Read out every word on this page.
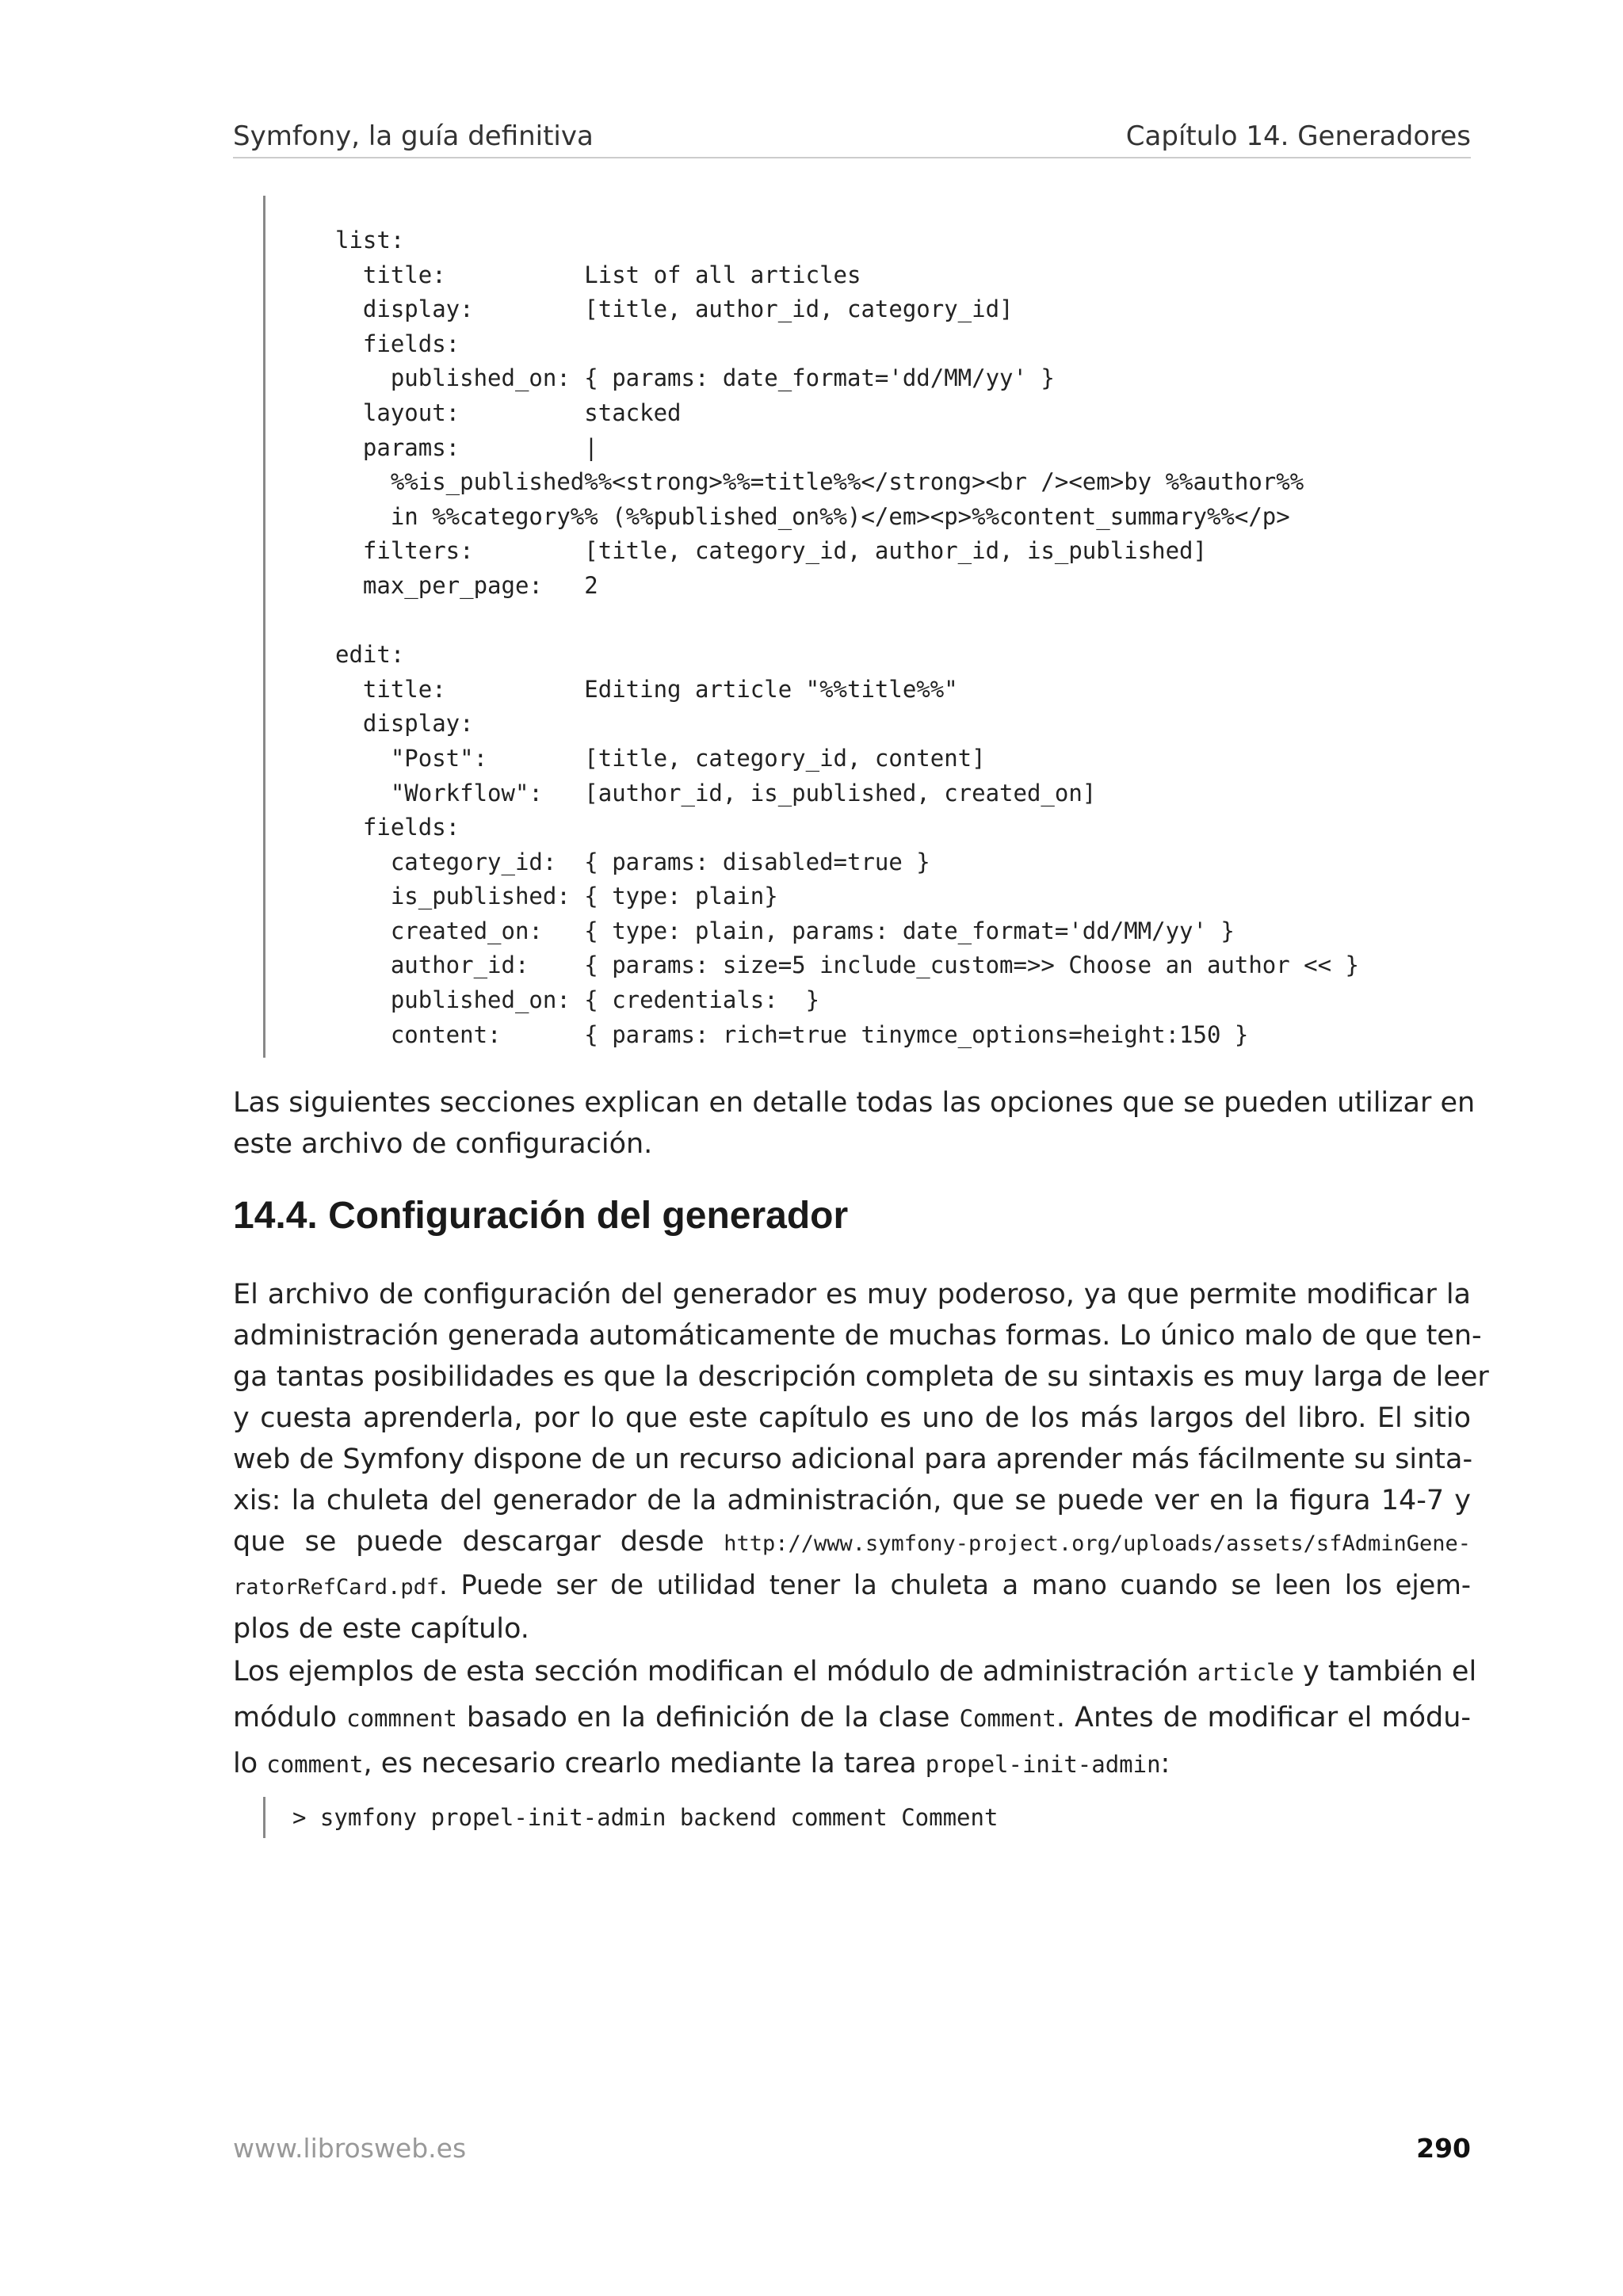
Symfony, la guía definitiva	Capítulo 14. Generadores
list:
title:          List of all articles
display:        [title, author_id, category_id]
fields:
published_on: { params: date_format='dd/MM/yy' }
layout:         stacked
params:         |
%%is_published%%<strong>%%=title%%</strong><br /><em>by %%author%%
in %%category%% (%%published_on%%)</em><p>%%content_summary%%</p>
filters:        [title, category_id, author_id, is_published]
max_per_page:   2
edit:
title:          Editing article "%%title%%"
display:
"Post":       [title, category_id, content]
"Workflow":   [author_id, is_published, created_on]
fields:
category_id:  { params: disabled=true }
is_published: { type: plain}
created_on:   { type: plain, params: date_format='dd/MM/yy' }
author_id:    { params: size=5 include_custom=>> Choose an author << }
published_on: { credentials:  }
content:      { params: rich=true tinymce_options=height:150 }

Las siguientes secciones explican en detalle todas las opciones que se pueden utilizar en
este archivo de configuración.

14.4. Configuración del generador

El archivo de configuración del generador es muy poderoso, ya que permite modificar la
administración generada automáticamente de muchas formas. Lo único malo de que ten-
ga tantas posibilidades es que la descripción completa de su sintaxis es muy larga de leer
y cuesta aprenderla, por lo que este capítulo es uno de los más largos del libro. El sitio
web de Symfony dispone de un recurso adicional para aprender más fácilmente su sinta-
xis: la chuleta del generador de la administración, que se puede ver en la figura 14-7 y
que se puede descargar desde http://www.symfony-project.org/uploads/assets/sfAdminGene-
ratorRefCard.pdf. Puede ser de utilidad tener la chuleta a mano cuando se leen los ejem-
plos de este capítulo.

Los ejemplos de esta sección modifican el módulo de administración article y también el
módulo commnent basado en la definición de la clase Comment. Antes de modificar el módu-
lo comment, es necesario crearlo mediante la tarea propel-init-admin:

> symfony propel-init-admin backend comment Comment
www.librosweb.es	290
